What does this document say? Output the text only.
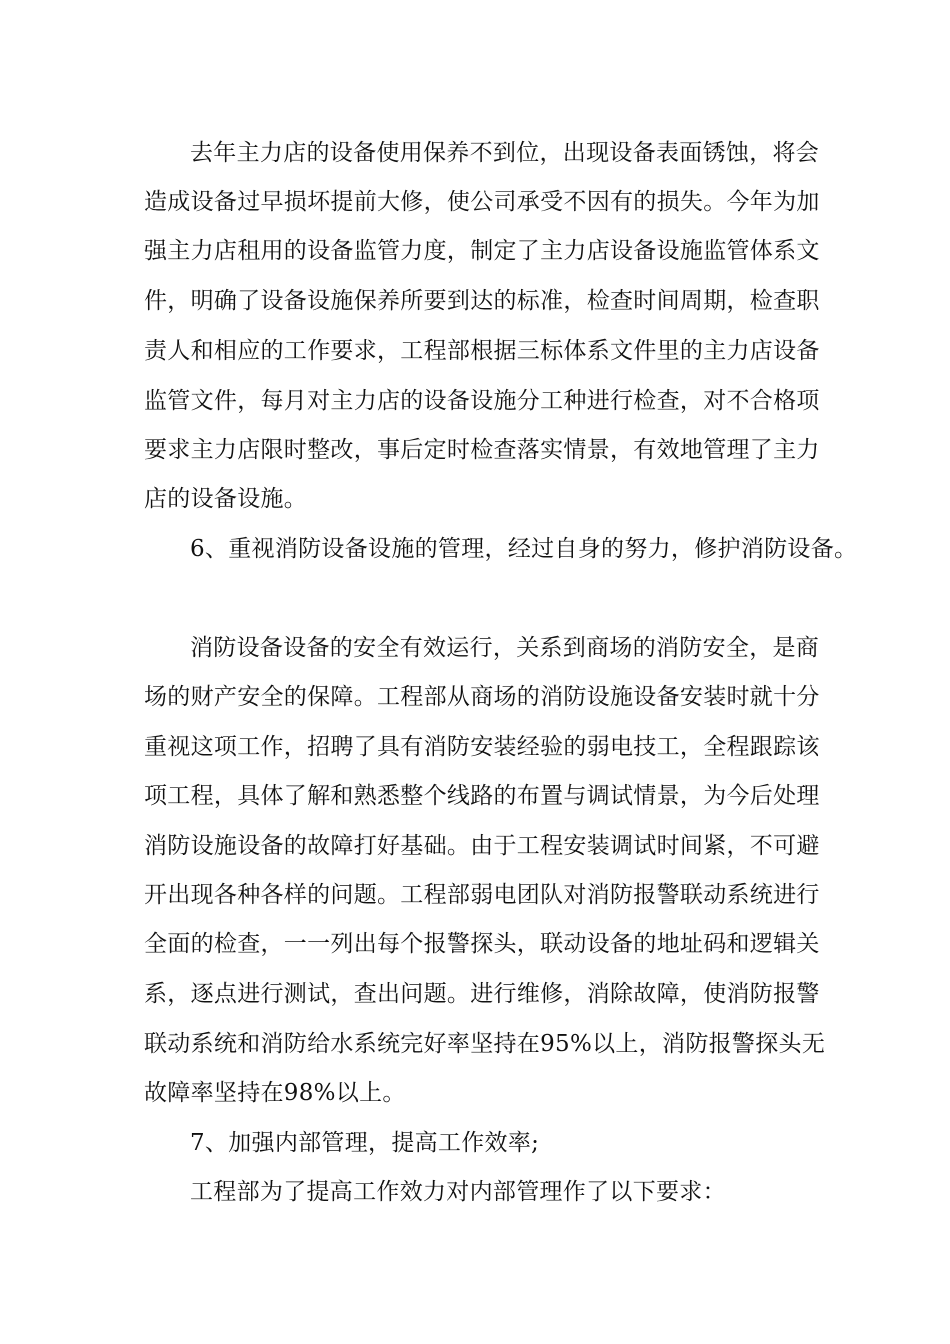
去年主力店的设备使用保养不到位，出现设备表面锈蚀，将会
造成设备过早损坏提前大修，使公司承受不因有的损失。今年为加
强主力店租用的设备监管力度，制定了主力店设备设施监管体系文
件，明确了设备设施保养所要到达的标准，检查时间周期，检查职
责人和相应的工作要求，工程部根据三标体系文件里的主力店设备
监管文件，每月对主力店的设备设施分工种进行检查，对不合格项
要求主力店限时整改，事后定时检查落实情景，有效地管理了主力
店的设备设施。
6、重视消防设备设施的管理，经过自身的努力，修护消防设备。
消防设备设备的安全有效运行，关系到商场的消防安全，是商
场的财产安全的保障。工程部从商场的消防设施设备安装时就十分
重视这项工作，招聘了具有消防安装经验的弱电技工，全程跟踪该
项工程，具体了解和熟悉整个线路的布置与调试情景，为今后处理
消防设施设备的故障打好基础。由于工程安装调试时间紧，不可避
开出现各种各样的问题。工程部弱电团队对消防报警联动系统进行
全面的检查，一一列出每个报警探头，联动设备的地址码和逻辑关
系，逐点进行测试，查出问题。进行维修，消除故障，使消防报警
联动系统和消防给水系统完好率坚持在95%以上，消防报警探头无
故障率坚持在98%以上。
7、加强内部管理，提高工作效率;
工程部为了提高工作效力对内部管理作了以下要求：
